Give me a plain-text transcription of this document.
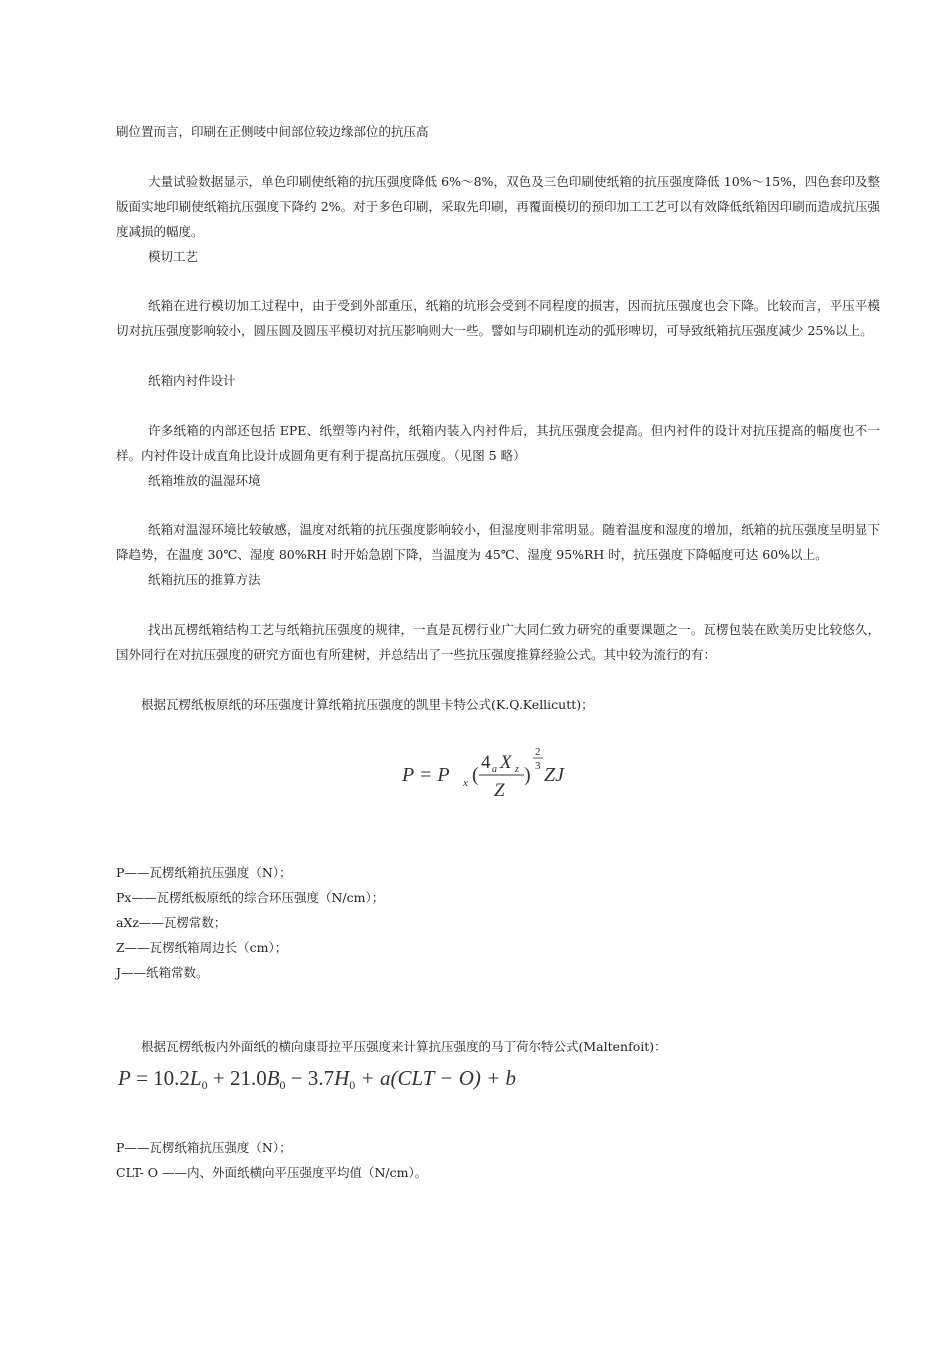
刷位置而言，印刷在正侧唛中间部位较边缘部位的抗压高

大量试验数据显示，单色印刷使纸箱的抗压强度降低 6%～8%，双色及三色印刷使纸箱的抗压强度降低 10%～15%，四色套印及整版面实地印刷使纸箱抗压强度下降约 2%。对于多色印刷，采取先印刷，再覆面模切的预印加工工艺可以有效降低纸箱因印刷而造成抗压强度减损的幅度。

模切工艺

纸箱在进行模切加工过程中，由于受到外部重压，纸箱的坑形会受到不同程度的损害，因而抗压强度也会下降。比较而言，平压平模切对抗压强度影响较小，圆压圆及圆压平模切对抗压影响则大一些。譬如与印刷机连动的弧形啤切，可导致纸箱抗压强度减少 25%以上。

纸箱内衬件设计

许多纸箱的内部还包括 EPE、纸塑等内衬件，纸箱内装入内衬件后，其抗压强度会提高。但内衬件的设计对抗压提高的幅度也不一样。内衬件设计成直角比设计成圆角更有利于提高抗压强度。（见图 5 略）

纸箱堆放的温湿环境

纸箱对温湿环境比较敏感，温度对纸箱的抗压强度影响较小，但湿度则非常明显。随着温度和湿度的增加，纸箱的抗压强度呈明显下降趋势，在温度 30℃、湿度 80%RH 时开始急剧下降，当温度为 45℃、湿度 95%RH 时，抗压强度下降幅度可达 60%以上。

纸箱抗压的推算方法

找出瓦楞纸箱结构工艺与纸箱抗压强度的规律，一直是瓦楞行业广大同仁致力研究的重要课题之一。瓦楞包装在欧美历史比较悠久，国外同行在对抗压强度的研究方面也有所建树，并总结出了一些抗压强度推算经验公式。其中较为流行的有：

根据瓦楞纸板原纸的环压强度计算纸箱抗压强度的凯里卡特公式(K.Q.Kellicutt)；
P = P x (
4 a X z
Z
)
2
3 ZJ
P——瓦楞纸箱抗压强度（N）；
Px——瓦楞纸板原纸的综合环压强度（N/cm）；
aXz——瓦楞常数；
Z——瓦楞纸箱周边长（cm）；
J——纸箱常数。
根据瓦楞纸板内外面纸的横向康哥拉平压强度来计算抗压强度的马丁荷尔特公式(Maltenfoit)：
$P = 10.2L_0 + 21.0B_0 - 3.7H_0 + a(CLT - O) + b$
P——瓦楞纸箱抗压强度（N）；
CLT- O ——内、外面纸横向平压强度平均值（N/cm）。
